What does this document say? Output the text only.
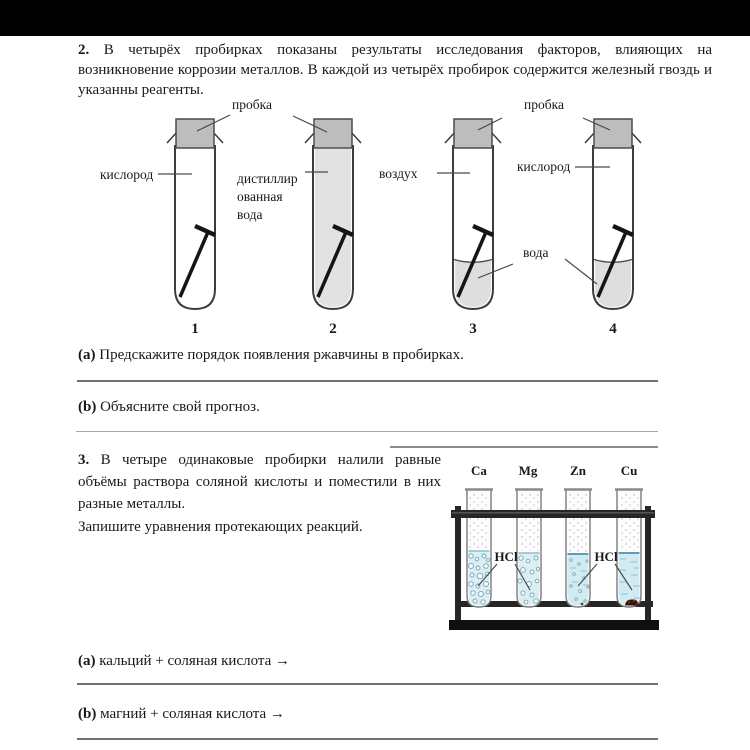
2. В четырёх пробирках показаны результаты исследования факторов, влияющих на возникновение коррозии металлов. В каждой из четырёх пробирок содержится железный гвоздь и указанны реагенты.

пробка	пробка
кислород	дистиллир
ованная
вода
воздух	кислород
вода
1	2	3	4
(a) Предскажите порядок появления ржавчины в пробирках.
(b) Объясните свой прогноз.

3. В четыре одинаковые пробирки налили равные объёмы раствора соляной кислоты и поместили в них разные металлы.

Запишите уравнения протекающих реакций.

Ca Mg	Zn	Cu
HCl	HCl
(a) кальций + соляная кислота →
(b) магний + соляная кислота →
